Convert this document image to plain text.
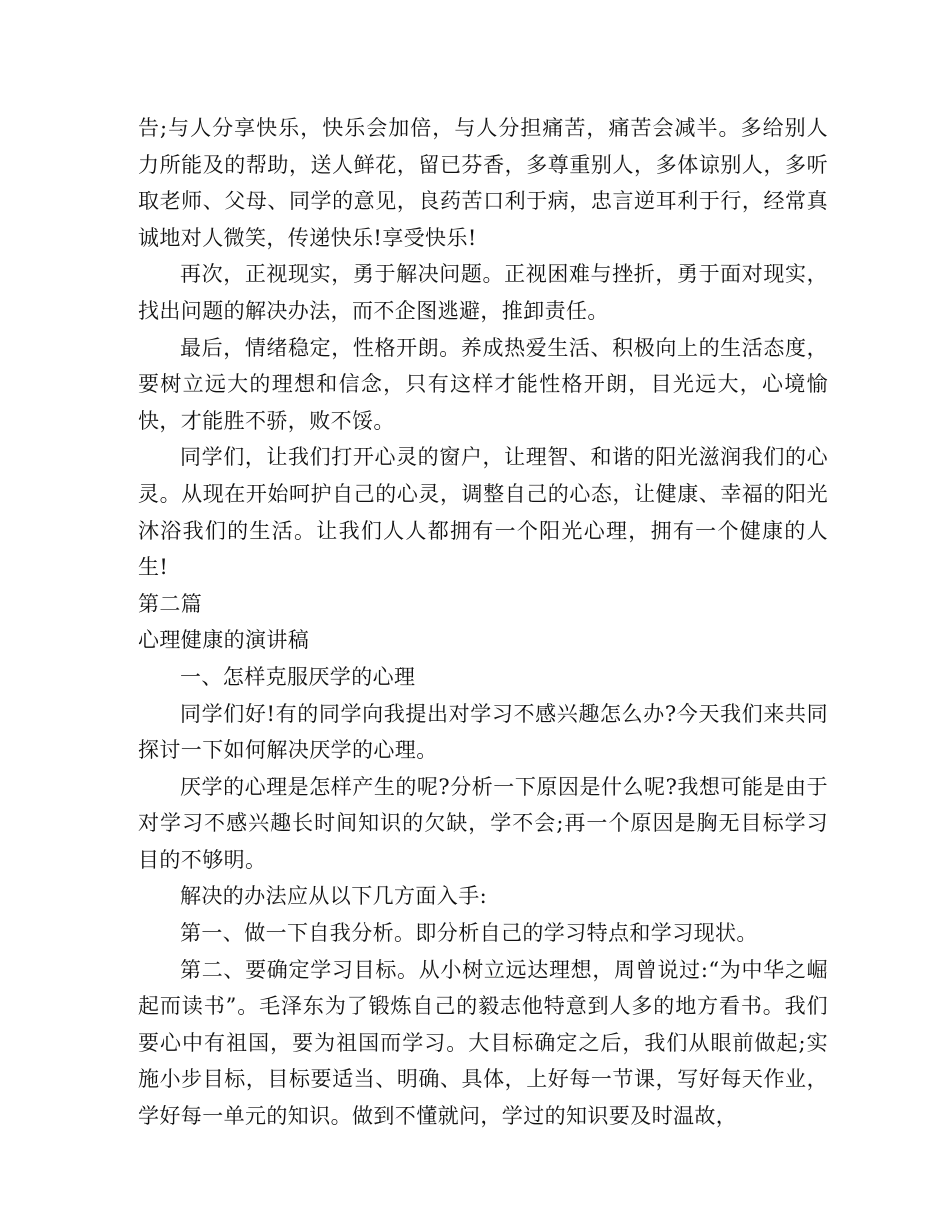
告;与人分享快乐，快乐会加倍，与人分担痛苦，痛苦会减半。多给别人力所能及的帮助，送人鲜花，留已芬香，多尊重别人，多体谅别人，多听取老师、父母、同学的意见，良药苦口利于病，忠言逆耳利于行，经常真诚地对人微笑，传递快乐!享受快乐!

再次，正视现实，勇于解决问题。正视困难与挫折，勇于面对现实，找出问题的解决办法，而不企图逃避，推卸责任。

最后，情绪稳定，性格开朗。养成热爱生活、积极向上的生活态度，要树立远大的理想和信念，只有这样才能性格开朗，目光远大，心境愉快，才能胜不骄，败不馁。

同学们，让我们打开心灵的窗户，让理智、和谐的阳光滋润我们的心灵。从现在开始呵护自己的心灵，调整自己的心态，让健康、幸福的阳光沐浴我们的生活。让我们人人都拥有一个阳光心理，拥有一个健康的人生!

第二篇

心理健康的演讲稿

一、怎样克服厌学的心理

同学们好!有的同学向我提出对学习不感兴趣怎么办?今天我们来共同探讨一下如何解决厌学的心理。

厌学的心理是怎样产生的呢?分析一下原因是什么呢?我想可能是由于对学习不感兴趣长时间知识的欠缺，学不会;再一个原因是胸无目标学习目的不够明。

解决的办法应从以下几方面入手:

第一、做一下自我分析。即分析自己的学习特点和学习现状。

第二、要确定学习目标。从小树立远达理想，周曾说过:“为中华之崛起而读书”。毛泽东为了锻炼自己的毅志他特意到人多的地方看书。我们要心中有祖国，要为祖国而学习。大目标确定之后，我们从眼前做起;实施小步目标，目标要适当、明确、具体，上好每一节课，写好每天作业，学好每一单元的知识。做到不懂就问，学过的知识要及时温故，
